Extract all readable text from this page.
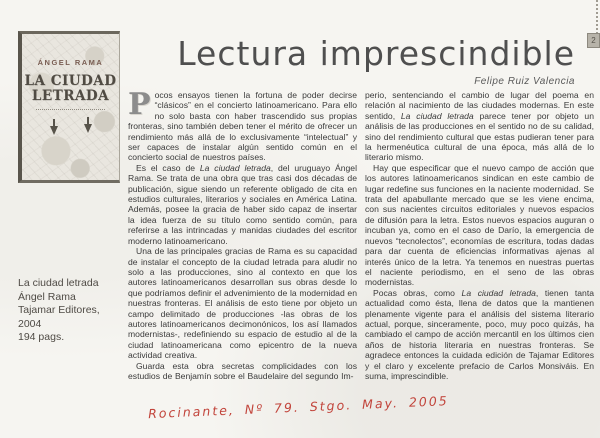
2
ÁNGEL RAMA
LA CIUDAD
LETRADA
Lectura imprescindible
Felipe Ruiz Valencia
La ciudad letrada
Ángel Rama
Tajamar Editores,
2004
194 pags.

Pocos ensayos tienen la fortuna de poder decirse “clásicos” en el concierto latinoamericano. Para ello no solo basta con haber trascendido sus propias fronteras, sino también deben tener el mérito de ofrecer un rendimiento más allá de lo exclusivamente “intelectual” y ser capaces de instalar algún sentido común en el concierto social de nuestros países.

Es el caso de La ciudad letrada, del uruguayo Ángel Rama. Se trata de una obra que tras casi dos décadas de publicación, sigue siendo un referente obligado de cita en estudios culturales, literarios y sociales en América Latina. Además, posee la gracia de haber sido capaz de insertar la idea fuerza de su título como sentido común, para referirse a las intrincadas y manidas ciudades del escritor moderno latinoamericano.

Una de las principales gracias de Rama es su capacidad de instalar el concepto de la ciudad letrada para aludir no solo a las producciones, sino al contexto en que los autores latinoamericanos desarrollan sus obras desde lo que podríamos definir el advenimiento de la modernidad en nuestras fronteras. El análisis de esto tiene por objeto un campo delimitado de producciones -las obras de los autores latinoamericanos decimonónicos, los así llamados modernistas-, redefiniendo su espacio de estudio al de la ciudad latinoamericana como epicentro de la nueva actividad creativa.

Guarda esta obra secretas complicidades con los estudios de Benjamín sobre el Baudelaire del segundo Im-

perio, sentenciando el cambio de lugar del poema en relación al nacimiento de las ciudades modernas. En este sentido, La ciudad letrada parece tener por objeto un análisis de las producciones en el sentido no de su calidad, sino del rendimiento cultural que estas pudieran tener para la hermenéutica cultural de una época, más allá de lo literario mismo.

Hay que especificar que el nuevo campo de acción que los autores latinoamericanos sindican en este cambio de lugar redefine sus funciones en la naciente modernidad. Se trata del apabullante mercado que se les viene encima, con sus nacientes circuitos editoriales y nuevos espacios de difusión para la letra. Estos nuevos espacios auguran o incuban ya, como en el caso de Darío, la emergencia de nuevos “tecnolectos”, economías de escritura, todas dadas para dar cuenta de eficiencias informativas ajenas al interés único de la letra. Ya tenemos en nuestras puertas el naciente periodismo, en el seno de las obras modernistas.

Pocas obras, como La ciudad letrada, tienen tanta actualidad como ésta, llena de datos que la mantienen plenamente vigente para el análisis del sistema literario actual, porque, sinceramente, poco, muy poco quizás, ha cambiado el campo de acción mercantil en los últimos cien años de historia literaria en nuestras fronteras. Se agradece entonces la cuidada edición de Tajamar Editores y el claro y excelente prefacio de Carlos Monsiváis. En suma, imprescindible.

Rocinante, Nº 79. Stgo. May. 2005
